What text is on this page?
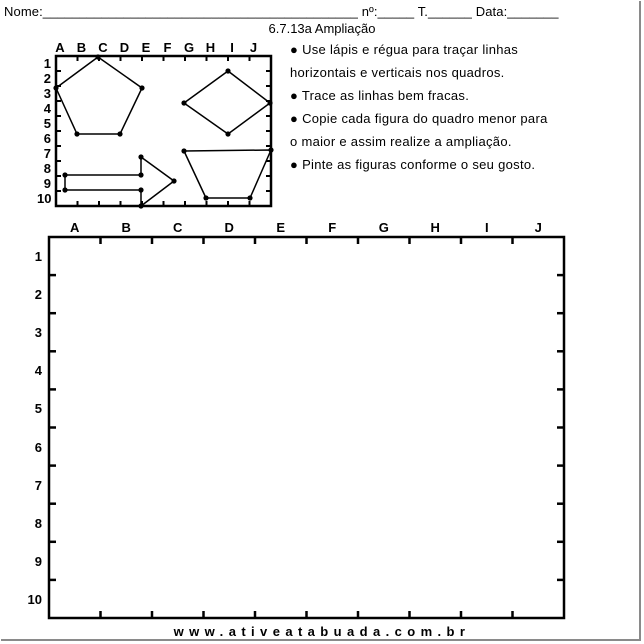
Nome:___________________________________________ nº:_____ T.______ Data:_______
6.7.13a Ampliação
● Use lápis e régua para traçar linhas
horizontais e verticais nos quadros.
● Trace as linhas bem fracas.
● Copie cada figura do quadro menor para
o maior e assim realize a ampliação.
● Pinte as figuras conforme o seu gosto.
A B C D E	F G H	I	J
1
2
3
4
5
6
7
8
9
10
A	B	C	D	E	F	G	H	I	J
1
2
3
4
5
6
7
8
9
10
www.ativeatabuada.com.br
